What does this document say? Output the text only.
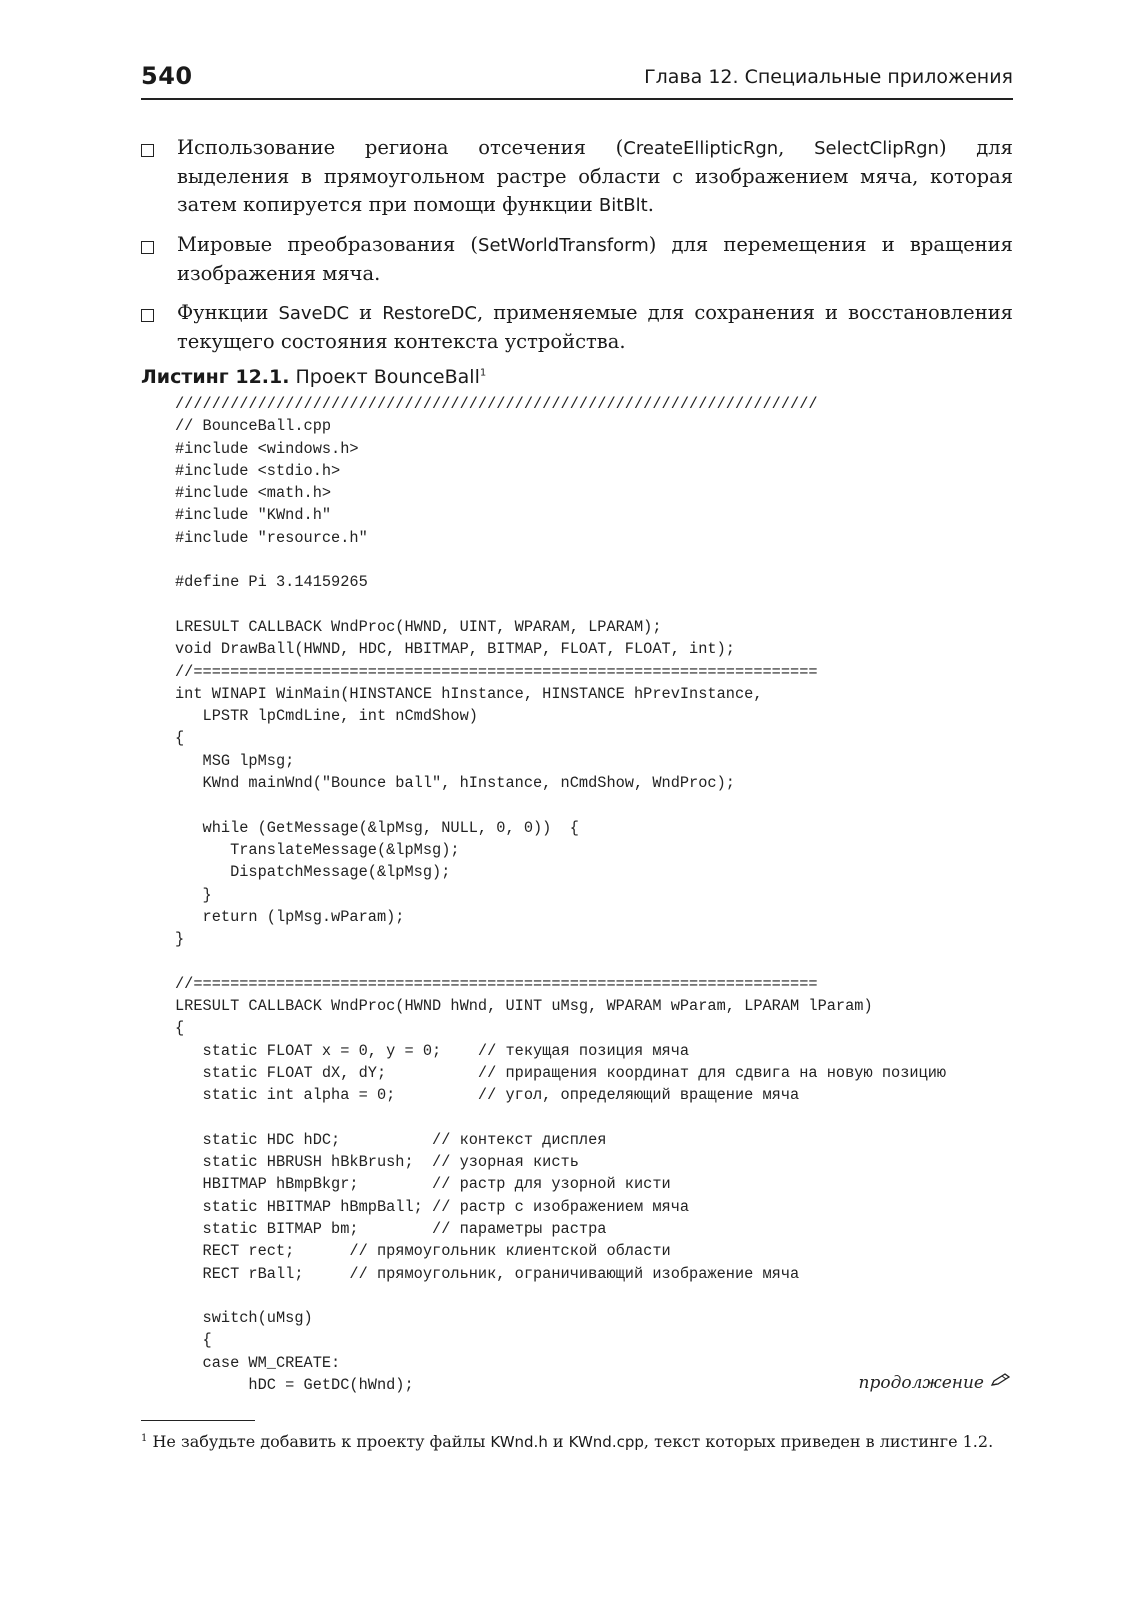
540	Глава 12. Специальные приложения
Использование региона отсечения (CreateEllipticRgn, SelectClipRgn) для выделения в прямоугольном растре области с изображением мяча, которая затем копируется при помощи функции BitBlt.
Мировые преобразования (SetWorldTransform) для перемещения и вращения изображения мяча.
Функции SaveDC и RestoreDC, применяемые для сохранения и восстановления текущего состояния контекста устройства.
Листинг 12.1. Проект BounceBall$^1$
//////////////////////////////////////////////////////////////////////
// BounceBall.cpp
#include <windows.h>
#include <stdio.h>
#include <math.h>
#include "KWnd.h"
#include "resource.h"

#define Pi 3.14159265

LRESULT CALLBACK WndProc(HWND, UINT, WPARAM, LPARAM);
void DrawBall(HWND, HDC, HBITMAP, BITMAP, FLOAT, FLOAT, int);
//====================================================================
int WINAPI WinMain(HINSTANCE hInstance, HINSTANCE hPrevInstance,
LPSTR lpCmdLine, int nCmdShow)
{
MSG lpMsg;
KWnd mainWnd("Bounce ball", hInstance, nCmdShow, WndProc);

while (GetMessage(&lpMsg, NULL, 0, 0))  {
TranslateMessage(&lpMsg);
DispatchMessage(&lpMsg);
}
return (lpMsg.wParam);
}

//====================================================================
LRESULT CALLBACK WndProc(HWND hWnd, UINT uMsg, WPARAM wParam, LPARAM lParam)
{
static FLOAT x = 0, y = 0;    // текущая позиция мяча
static FLOAT dX, dY;          // приращения координат для сдвига на новую позицию
static int alpha = 0;         // угол, определяющий вращение мяча

static HDC hDC;          // контекст дисплея
static HBRUSH hBkBrush;  // узорная кисть
HBITMAP hBmpBkgr;        // растр для узорной кисти
static HBITMAP hBmpBall; // растр с изображением мяча
static BITMAP bm;        // параметры растра
RECT rect;      // прямоугольник клиентской области
RECT rBall;     // прямоугольник, ограничивающий изображение мяча

switch(uMsg)
{
case WM_CREATE:
hDC = GetDC(hWnd);	продолжение
$^1$ Не забудьте добавить к проекту файлы KWnd.h и KWnd.cpp, текст которых приведен в листинге 1.2.
